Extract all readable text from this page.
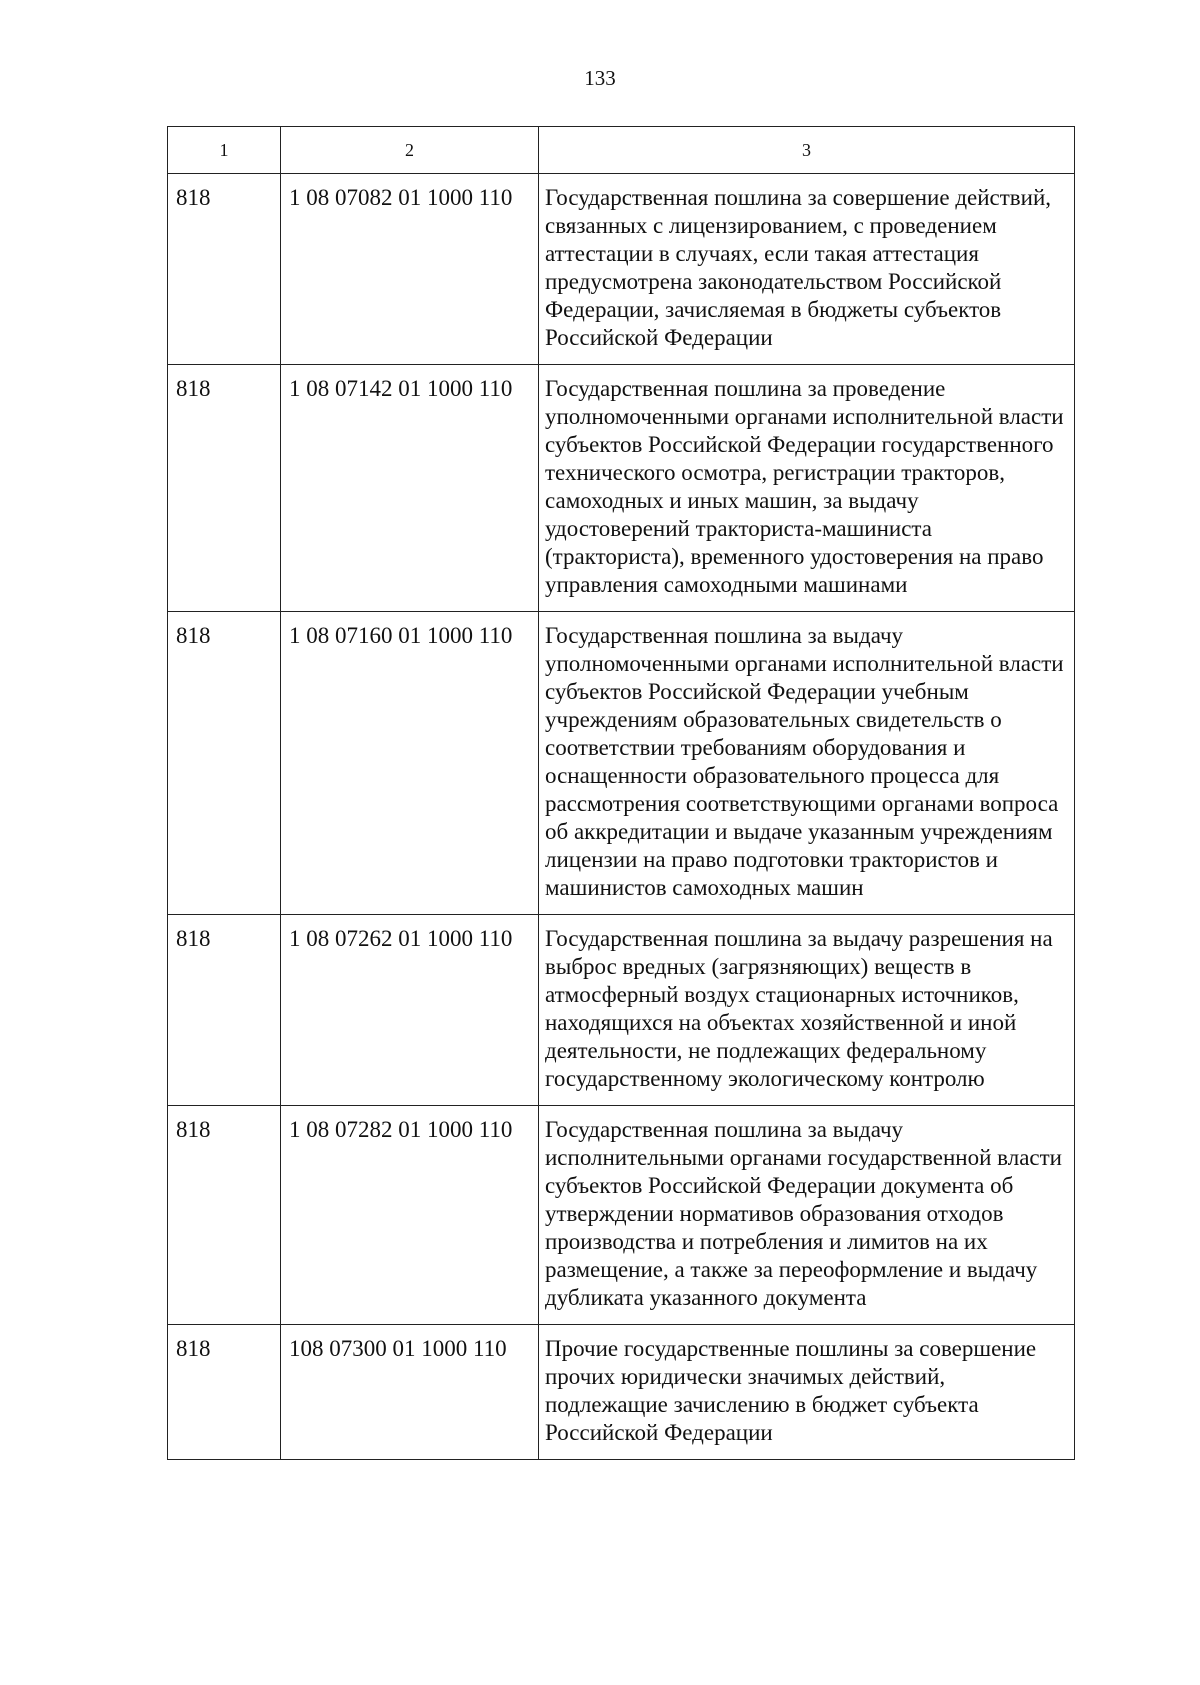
133
1	2	3
818	1 08 07082 01 1000 110	Государственная пошлина за совершение действий, связанных с лицензированием, с проведением аттестации в случаях, если такая аттестация предусмотрена законодательством Российской Федерации, зачисляемая в бюджеты субъектов Российской Федерации
818	1 08 07142 01 1000 110	Государственная пошлина за проведение уполномоченными органами исполнительной власти субъектов Российской Федерации государственного технического осмотра, регистрации тракторов, самоходных и иных машин, за выдачу удостоверений тракториста-машиниста (тракториста), временного удостоверения на право управления самоходными машинами
818	1 08 07160 01 1000 110	Государственная пошлина за выдачу уполномоченными органами исполнительной власти субъектов Российской Федерации учебным учреждениям образовательных свидетельств о соответствии требованиям оборудования и оснащенности образовательного процесса для рассмотрения соответствующими органами вопроса об аккредитации и выдаче указанным учреждениям лицензии на право подготовки трактористов и машинистов самоходных машин
818	1 08 07262 01 1000 110	Государственная пошлина за выдачу разрешения на выброс вредных (загрязняющих) веществ в атмосферный воздух стационарных источников, находящихся на объектах хозяйственной и иной деятельности, не подлежащих федеральному государственному экологическому контролю
818	1 08 07282 01 1000 110	Государственная пошлина за выдачу исполнительными органами государственной власти субъектов Российской Федерации документа об утверждении нормативов образования отходов производства и потребления и лимитов на их размещение, а также за переоформление и выдачу дубликата указанного документа
818	108 07300 01 1000 110	Прочие государственные пошлины за совершение прочих юридически значимых действий, подлежащие зачислению в бюджет субъекта Российской Федерации
